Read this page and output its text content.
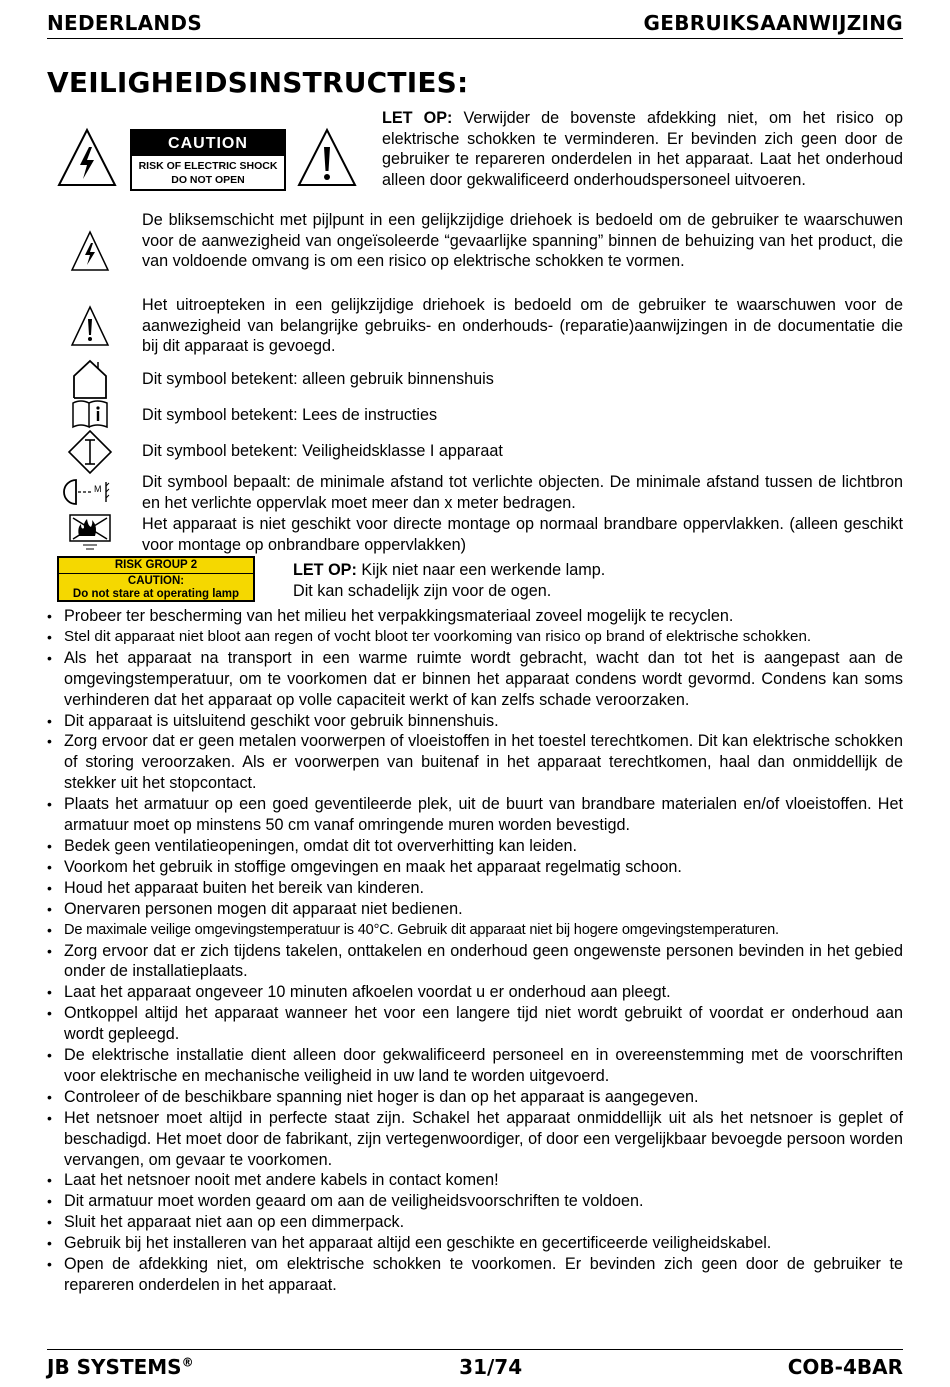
NEDERLANDS	GEBRUIKSAANWIJZING
VEILIGHEIDSINSTRUCTIES:
CAUTION
RISK OF ELECTRIC SHOCK
DO NOT OPEN
LET OP: Verwijder de bovenste afdekking niet, om het risico op elektrische schokken te verminderen. Er bevinden zich geen door de gebruiker te repareren onderdelen in het apparaat. Laat het onderhoud alleen door gekwalificeerd onderhoudspersoneel uitvoeren.
De bliksemschicht met pijlpunt in een gelijkzijdige driehoek is bedoeld om de gebruiker te waarschuwen voor de aanwezigheid van ongeïsoleerde “gevaarlijke spanning” binnen de behuizing van het product, die van voldoende omvang is om een risico op elektrische schokken te vormen.
Het uitroepteken in een gelijkzijdige driehoek is bedoeld om de gebruiker te waarschuwen voor de aanwezigheid van belangrijke gebruiks- en onderhouds- (reparatie)aanwijzingen in de documentatie die bij dit apparaat is gevoegd.
Dit symbool betekent: alleen gebruik binnenshuis
Dit symbool betekent: Lees de instructies
Dit symbool betekent: Veiligheidsklasse I apparaat
M	Dit symbool bepaalt: de minimale afstand tot verlichte objecten. De minimale afstand tussen de lichtbron en het verlichte oppervlak moet meer dan x meter bedragen.
Het apparaat is niet geschikt voor directe montage op normaal brandbare oppervlakken. (alleen geschikt voor montage op onbrandbare oppervlakken)
RISK GROUP 2
CAUTION:
Do not stare at operating lamp
LET OP: Kijk niet naar een werkende lamp.
Dit kan schadelijk zijn voor de ogen.
• Probeer ter bescherming van het milieu het verpakkingsmateriaal zoveel mogelijk te recyclen.
• Stel dit apparaat niet bloot aan regen of vocht bloot ter voorkoming van risico op brand of elektrische schokken.
• Als het apparaat na transport in een warme ruimte wordt gebracht, wacht dan tot het is aangepast aan de omgevingstemperatuur, om te voorkomen dat er binnen het apparaat condens wordt gevormd. Condens kan soms verhinderen dat het apparaat op volle capaciteit werkt of kan zelfs schade veroorzaken.
• Dit apparaat is uitsluitend geschikt voor gebruik binnenshuis.
• Zorg ervoor dat er geen metalen voorwerpen of vloeistoffen in het toestel terechtkomen. Dit kan elektrische schokken of storing veroorzaken. Als er voorwerpen van buitenaf in het apparaat terechtkomen, haal dan onmiddellijk de stekker uit het stopcontact.
• Plaats het armatuur op een goed geventileerde plek, uit de buurt van brandbare materialen en/of vloeistoffen. Het armatuur moet op minstens 50 cm vanaf omringende muren worden bevestigd.
• Bedek geen ventilatieopeningen, omdat dit tot oververhitting kan leiden.
• Voorkom het gebruik in stoffige omgevingen en maak het apparaat regelmatig schoon.
• Houd het apparaat buiten het bereik van kinderen.
• Onervaren personen mogen dit apparaat niet bedienen.
• De maximale veilige omgevingstemperatuur is 40°C. Gebruik dit apparaat niet bij hogere omgevingstemperaturen.
• Zorg ervoor dat er zich tijdens takelen, onttakelen en onderhoud geen ongewenste personen bevinden in het gebied onder de installatieplaats.
• Laat het apparaat ongeveer 10 minuten afkoelen voordat u er onderhoud aan pleegt.
• Ontkoppel altijd het apparaat wanneer het voor een langere tijd niet wordt gebruikt of voordat er onderhoud aan wordt gepleegd.
• De elektrische installatie dient alleen door gekwalificeerd personeel en in overeenstemming met de voorschriften voor elektrische en mechanische veiligheid in uw land te worden uitgevoerd.
• Controleer of de beschikbare spanning niet hoger is dan op het apparaat is aangegeven.
• Het netsnoer moet altijd in perfecte staat zijn. Schakel het apparaat onmiddellijk uit als het netsnoer is geplet of beschadigd. Het moet door de fabrikant, zijn vertegenwoordiger, of door een vergelijkbaar bevoegde persoon worden vervangen, om gevaar te voorkomen.
• Laat het netsnoer nooit met andere kabels in contact komen!
• Dit armatuur moet worden geaard om aan de veiligheidsvoorschriften te voldoen.
• Sluit het apparaat niet aan op een dimmerpack.
• Gebruik bij het installeren van het apparaat altijd een geschikte en gecertificeerde veiligheidskabel.
• Open de afdekking niet, om elektrische schokken te voorkomen. Er bevinden zich geen door de gebruiker te repareren onderdelen in het apparaat.
JB SYSTEMS®	31/74	COB-4BAR
